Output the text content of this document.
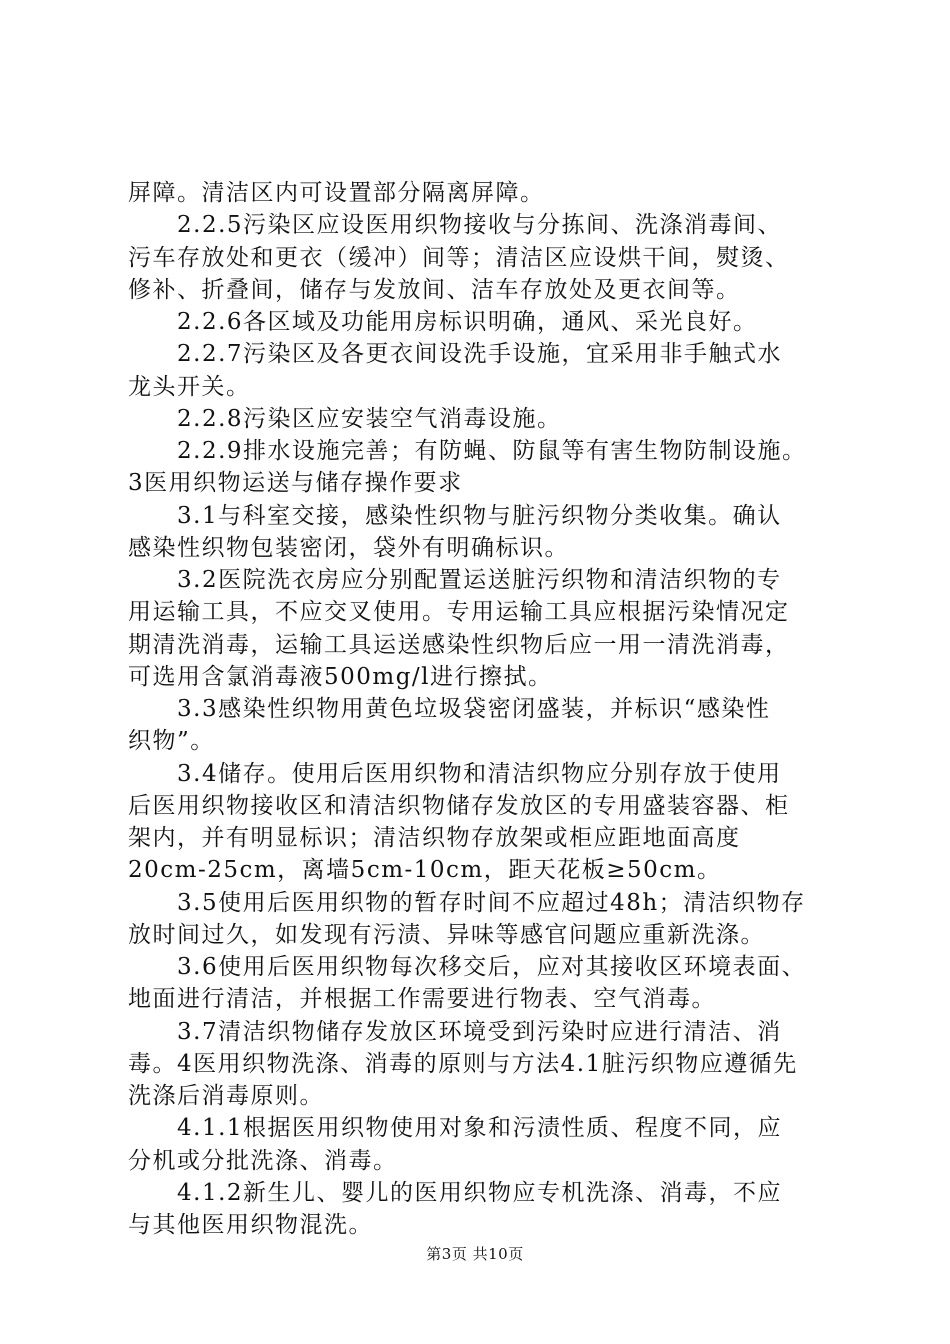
屏障。清洁区内可设置部分隔离屏障。
　　2.2.5污染区应设医用织物接收与分拣间、洗涤消毒间、
污车存放处和更衣（缓冲）间等；清洁区应设烘干间，熨烫、
修补、折叠间，储存与发放间、洁车存放处及更衣间等。
　　2.2.6各区域及功能用房标识明确，通风、采光良好。
　　2.2.7污染区及各更衣间设洗手设施，宜采用非手触式水
龙头开关。
　　2.2.8污染区应安装空气消毒设施。
　　2.2.9排水设施完善；有防蝇、防鼠等有害生物防制设施。
3医用织物运送与储存操作要求
　　3.1与科室交接，感染性织物与脏污织物分类收集。确认
感染性织物包装密闭，袋外有明确标识。
　　3.2医院洗衣房应分别配置运送脏污织物和清洁织物的专
用运输工具，不应交叉使用。专用运输工具应根据污染情况定
期清洗消毒，运输工具运送感染性织物后应一用一清洗消毒，
可选用含氯消毒液500mg/l进行擦拭。
　　3.3感染性织物用黄色垃圾袋密闭盛装，并标识“感染性
织物”。
　　3.4储存。使用后医用织物和清洁织物应分别存放于使用
后医用织物接收区和清洁织物储存发放区的专用盛装容器、柜
架内，并有明显标识；清洁织物存放架或柜应距地面高度
20cm-25cm，离墙5cm-10cm，距天花板≥50cm。
　　3.5使用后医用织物的暂存时间不应超过48h；清洁织物存
放时间过久，如发现有污渍、异味等感官问题应重新洗涤。
　　3.6使用后医用织物每次移交后，应对其接收区环境表面、
地面进行清洁，并根据工作需要进行物表、空气消毒。
　　3.7清洁织物储存发放区环境受到污染时应进行清洁、消
毒。4医用织物洗涤、消毒的原则与方法4.1脏污织物应遵循先
洗涤后消毒原则。
　　4.1.1根据医用织物使用对象和污渍性质、程度不同，应
分机或分批洗涤、消毒。
　　4.1.2新生儿、婴儿的医用织物应专机洗涤、消毒，不应
与其他医用织物混洗。
第3页 共10页
